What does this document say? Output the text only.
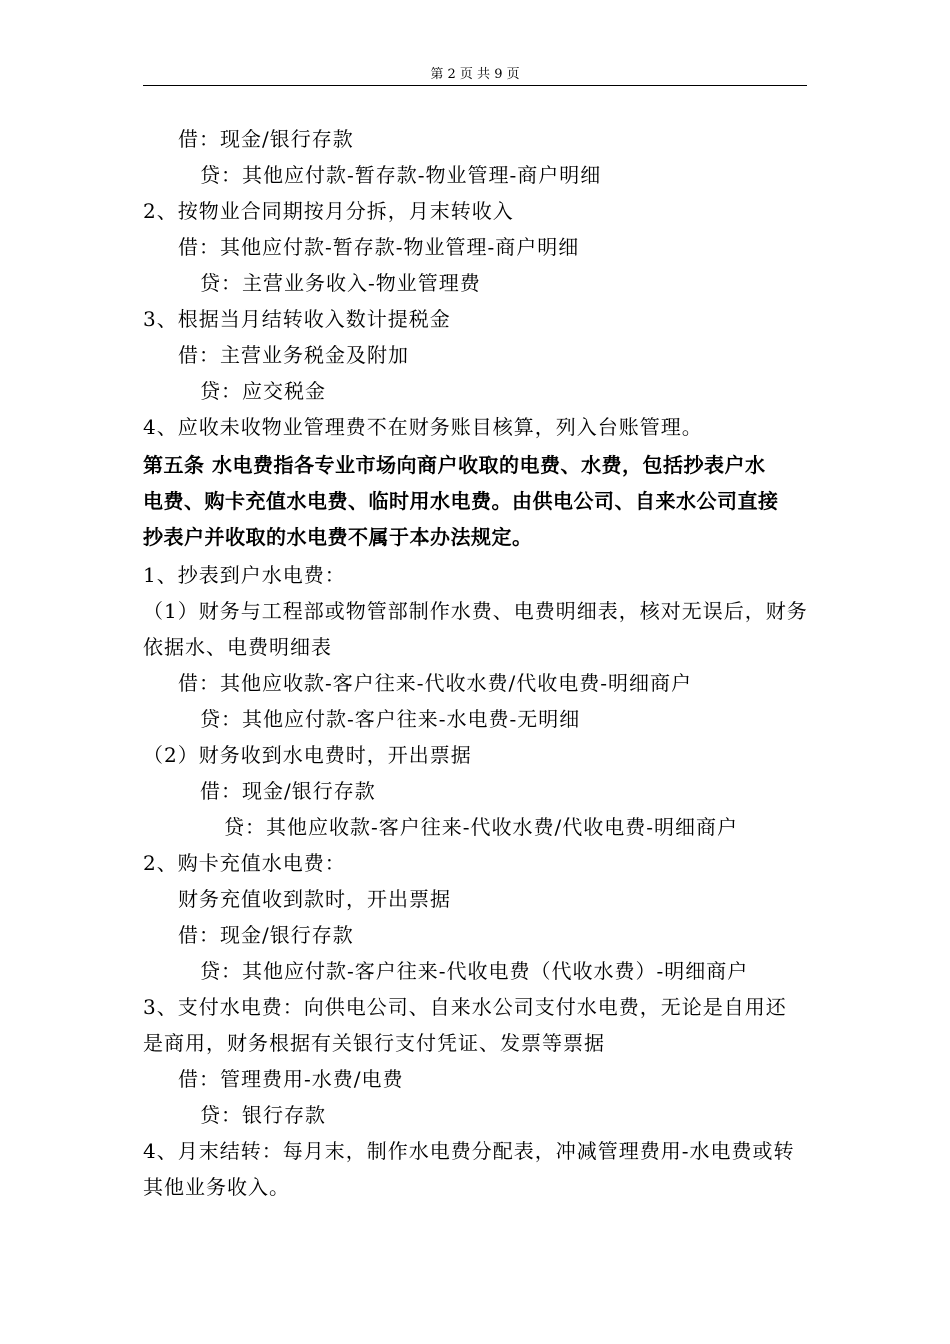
第 2 页 共 9 页
借：现金/银行存款
贷：其他应付款-暂存款-物业管理-商户明细
2、按物业合同期按月分拆，月末转收入
借：其他应付款-暂存款-物业管理-商户明细
贷：主营业务收入-物业管理费
3、根据当月结转收入数计提税金
借：主营业务税金及附加
贷：应交税金
4、应收未收物业管理费不在财务账目核算，列入台账管理。
第五条 水电费指各专业市场向商户收取的电费、水费，包括抄表户水
电费、购卡充值水电费、临时用水电费。由供电公司、自来水公司直接
抄表户并收取的水电费不属于本办法规定。
1、抄表到户水电费：
（1）财务与工程部或物管部制作水费、电费明细表，核对无误后，财务
依据水、电费明细表
借：其他应收款-客户往来-代收水费/代收电费-明细商户
贷：其他应付款-客户往来-水电费-无明细
（2）财务收到水电费时，开出票据
借：现金/银行存款
贷：其他应收款-客户往来-代收水费/代收电费-明细商户
2、购卡充值水电费：
财务充值收到款时，开出票据
借：现金/银行存款
贷：其他应付款-客户往来-代收电费（代收水费）-明细商户
3、支付水电费：向供电公司、自来水公司支付水电费，无论是自用还
是商用，财务根据有关银行支付凭证、发票等票据
借：管理费用-水费/电费
贷：银行存款
4、月末结转：每月末，制作水电费分配表，冲减管理费用-水电费或转
其他业务收入。
